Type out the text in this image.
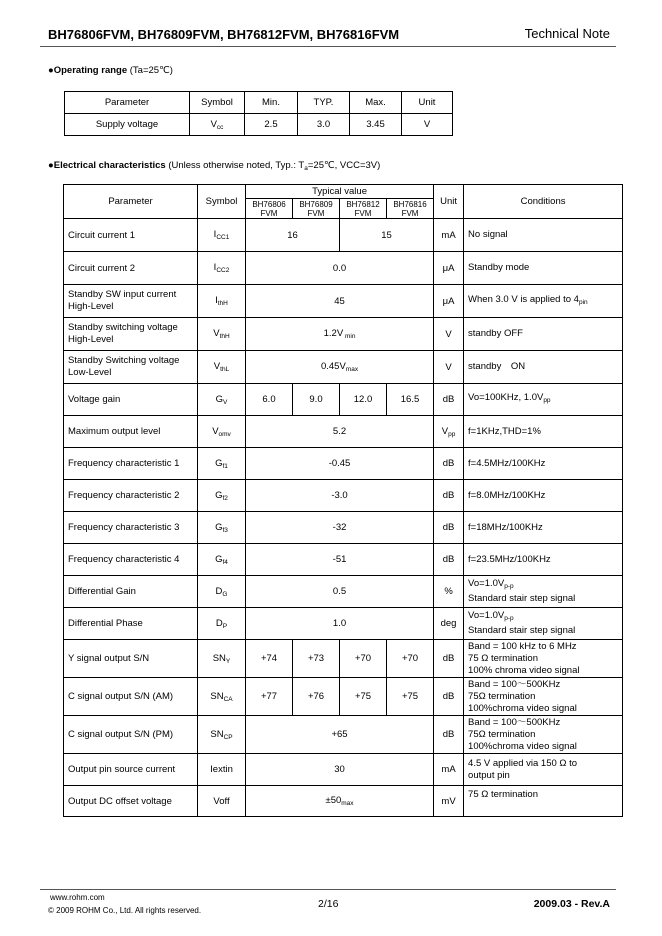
BH76806FVM, BH76809FVM, BH76812FVM, BH76816FVM	Technical Note
●Operating range (Ta=25℃)
Parameter	Symbol	Min.	TYP.	Max.	Unit
Supply voltage	$V_{cc}$	2.5	3.0	3.45	V
●Electrical characteristics (Unless otherwise noted, Typ.: $T_a=25℃$, VCC=3V)
Parameter	Symbol	Typical value				Unit	Conditions
		BH76806 FVM	BH76809 FVM	BH76812 FVM	BH76816 FVM		
Circuit current 1	$I_{CC1}$	16		15		mA	No signal
Circuit current 2	$I_{CC2}$	0.0				μA	Standby mode
Standby SW input current High-Level	$I_{thH}$	45				μA	When 3.0 V is applied to $4_{pin}$
Standby switching voltage High-Level	$V_{thH}$	1.2V $_{min}$				V	standby OFF
Standby Switching voltage Low-Level	$V_{thL}$	$0.45V_{max}$				V	standby　ON
Voltage gain	$G_V$	6.0	9.0	12.0	16.5	dB	Vo=100KHz, $1.0V_{pp}$
Maximum output level	$V_{omv}$	5.2				$V_{pp}$	f=1KHz,THD=1%
Frequency characteristic 1	$G_{f1}$	-0.45				dB	f=4.5MHz/100KHz
Frequency characteristic 2	$G_{f2}$	-3.0				dB	f=8.0MHz/100KHz
Frequency characteristic 3	$G_{f3}$	-32				dB	f=18MHz/100KHz
Frequency characteristic 4	$G_{f4}$	-51				dB	f=23.5MHz/100KHz
Differential Gain	$D_G$	0.5				%	$Vo=1.0V_{p-p}$
Standard stair step signal

Differential Phase	$D_P$	1.0				deg	$Vo=1.0V_{p-p}$
Standard stair step signal

Y signal output S/N	$SN_Y$	+74	+73	+70	+70	dB	Band = 100 kHz to 6 MHz
75 Ω termination
100% chroma video signal

C signal output S/N (AM)	$SN_{CA}$	+77	+76	+75	+75	dB	Band = 100～500KHz
75Ω termination
100%chroma video signal

C signal output S/N (PM)	$SN_{CP}$	+65				dB	Band = 100～500KHz
75Ω termination
100%chroma video signal

Output pin source current	Iextin	30				mA	4.5 V applied via 150 Ω to
output pin

Output DC offset voltage	Voff	$\pm 50_{max}$				mV	75 Ω termination
www.rohm.com
© 2009 ROHM Co., Ltd. All rights reserved.
2/16	2009.03 - Rev.A
